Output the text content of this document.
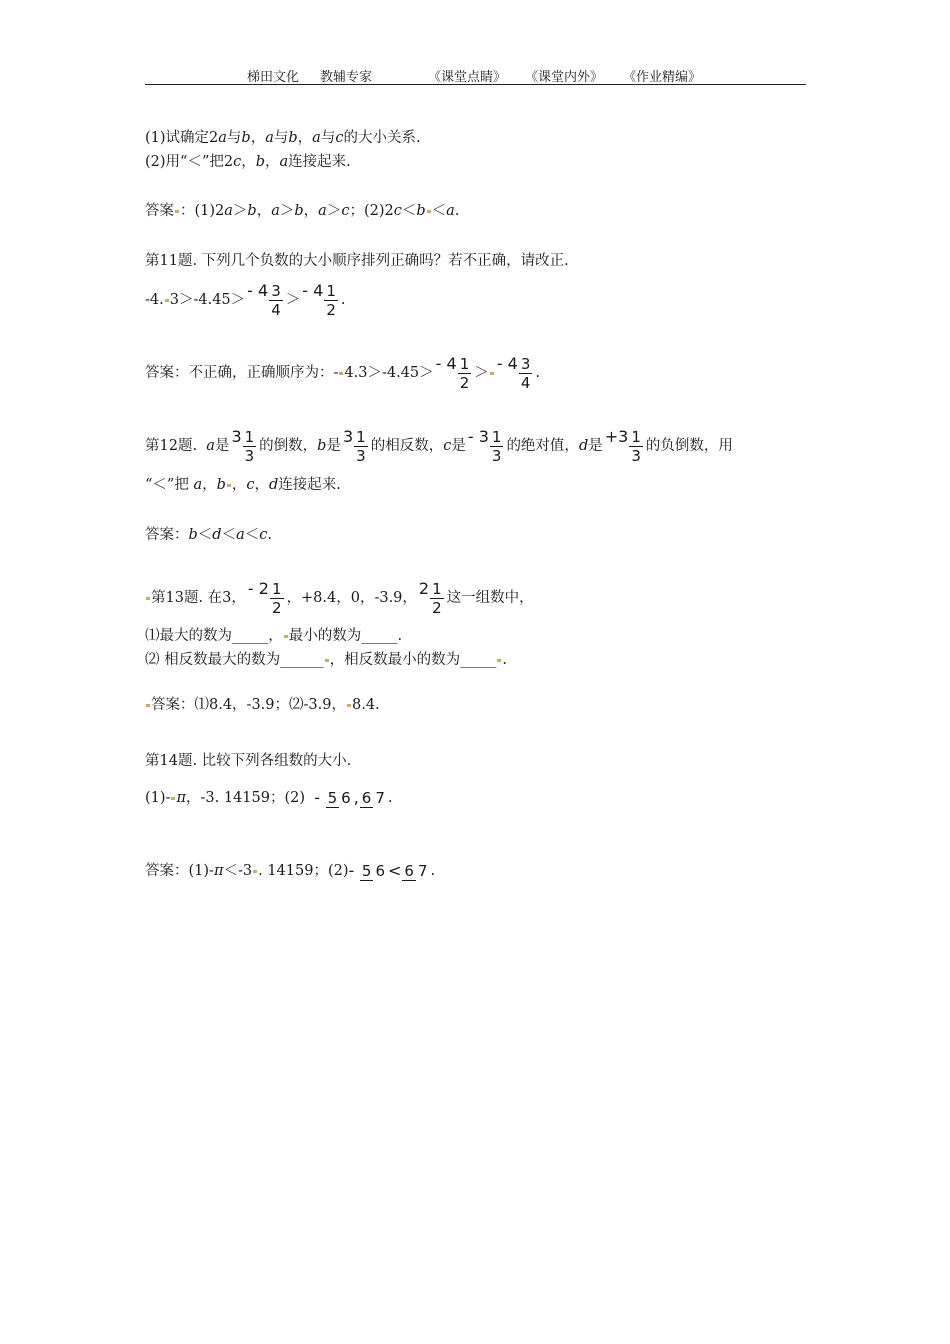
梯田文化 教辅专家	《课堂点睛》 《课堂内外》 《作业精编》
(1)试确定2 a 与 b ， a 与 b ， a 与 c 的大小关系.
(2)用“＜”把2 c ， b ， a 连接起来.
答案 ：(1)2 a ＞ b ， a ＞ b ， a ＞ c ；(2)2 c ＜ b ＜ a .
第11题. 下列几个负数的大小顺序排列正确吗？若不正确，请改正.
-4. $3>-4.45> - 4 \frac{3}{4}$ ＞ - $4 \frac{1}{2}$ .
答案：不正确，正确顺序为：- $4.3>-4.45> - 4 \frac{1}{2}$ ＞ - $4 \frac{3}{4}$ .
第12题.
a 是 $3 \frac{1}{3}$ 的倒数， b 是 $3 \frac{1}{3}$ 的相反数， c 是 - $3 \frac{1}{3}$ 的绝对值， d 是 $+3 \frac{1}{3}$ 的负倒数，用
“＜”把
a ， b ， c ， d 连接起来.
答案： b ＜ d ＜ a ＜ c .
第13题. 在3， - $2 \frac{1}{2}$ ，+8.4，0，-3.9， $2 \frac{1}{2}$ 这一组数中，
⑴最大的数为_____， 最小的数为_____.
⑵ 相反数最大的数为______ ，相反数最小的数为_____ .
答案：⑴8.4，-3.9；⑵-3.9， 8.4.
第14题. 比较下列各组数的大小.
(1)- π ，-3. 14159；(2)
-
5 6 , 6 7 .
答案：(1)- π ＜-3 . 14159；(2) -
5 6 < 6 7 .
